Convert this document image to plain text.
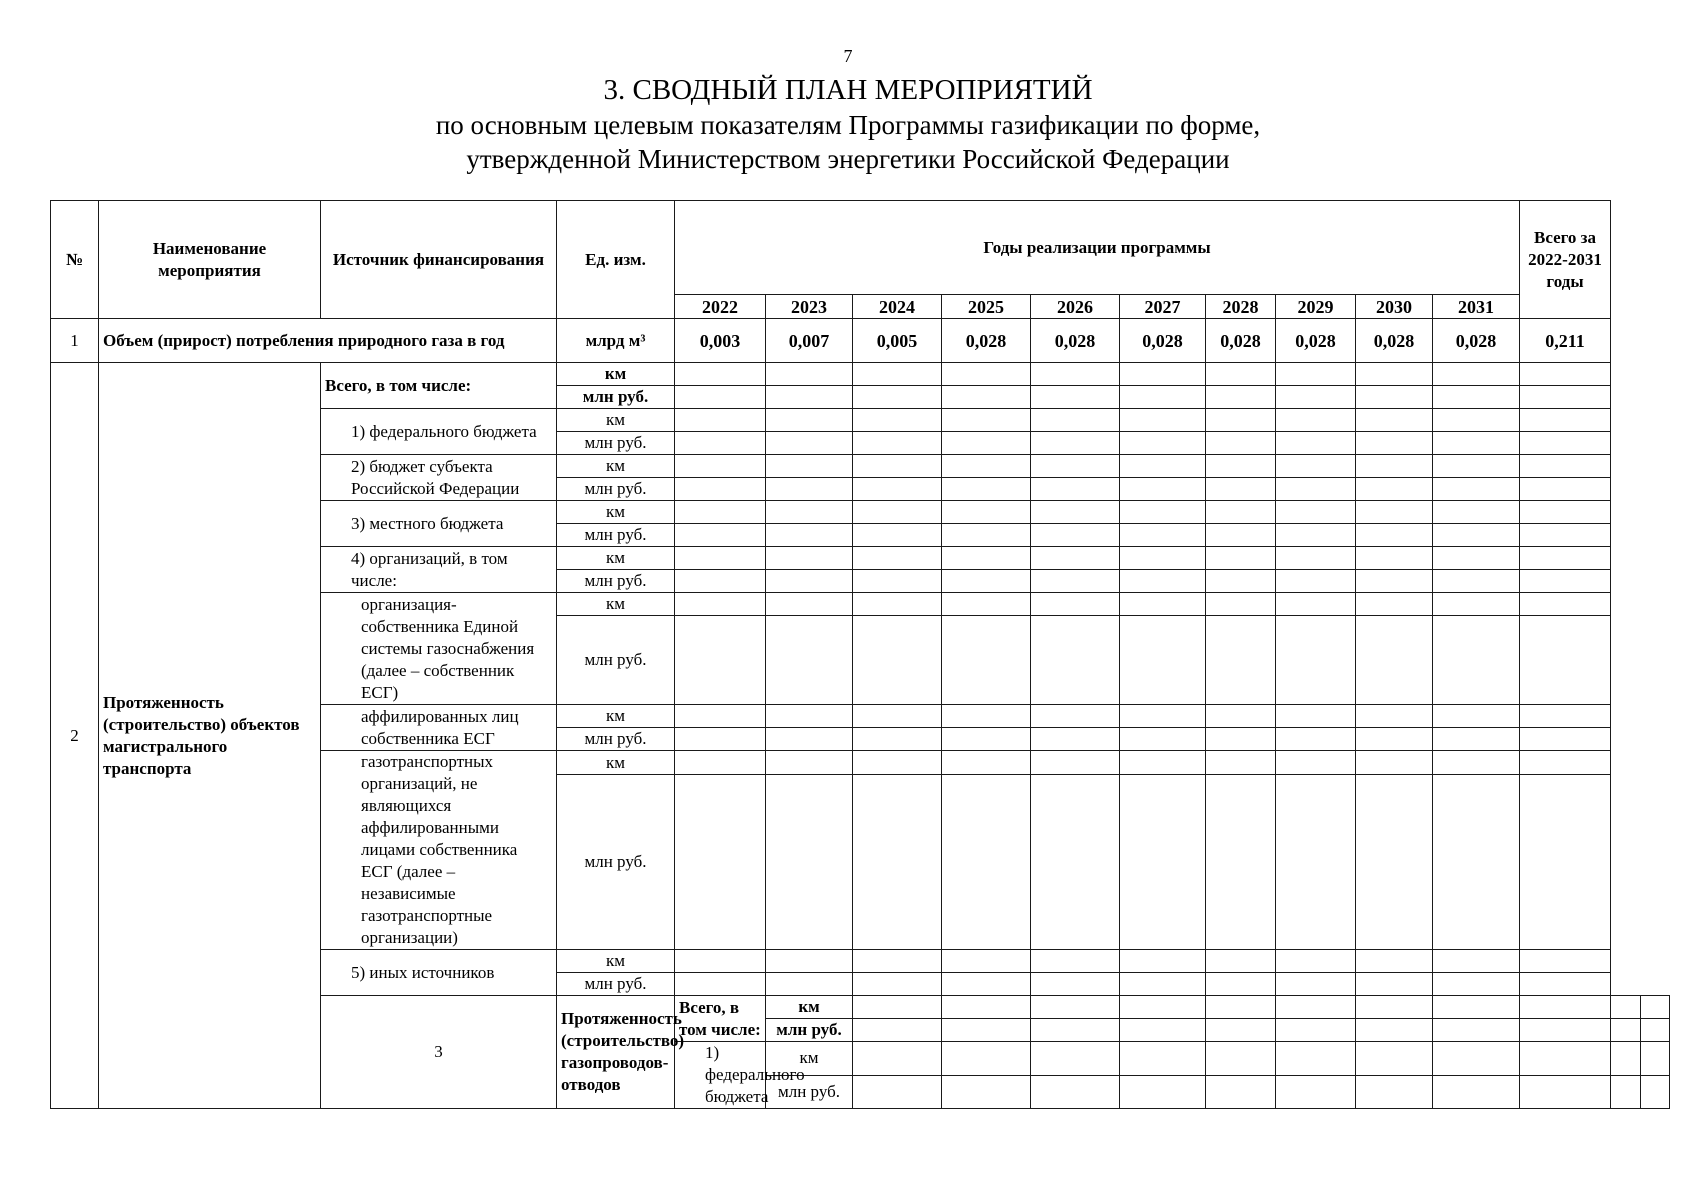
7
3. СВОДНЫЙ ПЛАН МЕРОПРИЯТИЙ
по основным целевым показателям Программы газификации по форме,
утвержденной Министерством энергетики Российской Федерации
№	Наименование мероприятия	Источник финансирования	Ед. изм.	Годы реализации программы										Всего за 2022-2031 годы		
				2022	2023	2024	2025	2026	2027	2028	2029	2030	2031			
1	Объем (прирост) потребления природного газа в год		млрд м³	0,003	0,007	0,005	0,028	0,028	0,028	0,028	0,028	0,028	0,028	0,211		
2	Протяженность (строительство) объектов магистрального транспорта	Всего, в том числе:	км													
			млн руб.													
		1) федерального бюджета	км													
			млн руб.													
		2) бюджет субъекта Российской Федерации	км													
			млн руб.													
		3) местного бюджета	км													
			млн руб.													
		4) организаций, в том числе:	км													
			млн руб.													
		организация-собственника Единой системы газоснабжения (далее – собственник ЕСГ)	км													
			млн руб.													
		аффилированных лиц собственника ЕСГ	км													
			млн руб.													
		газотранспортных организаций, не являющихся аффилированными лицами собственника ЕСГ (далее – независимые газотранспортные организации)	км													
			млн руб.													
		5) иных источников	км													
			млн руб.													
		3	Протяженность (строительство) газопроводов-отводов	Всего, в том числе:	км											
					млн руб.											
				1) федерального бюджета	км											
					млн руб.											
